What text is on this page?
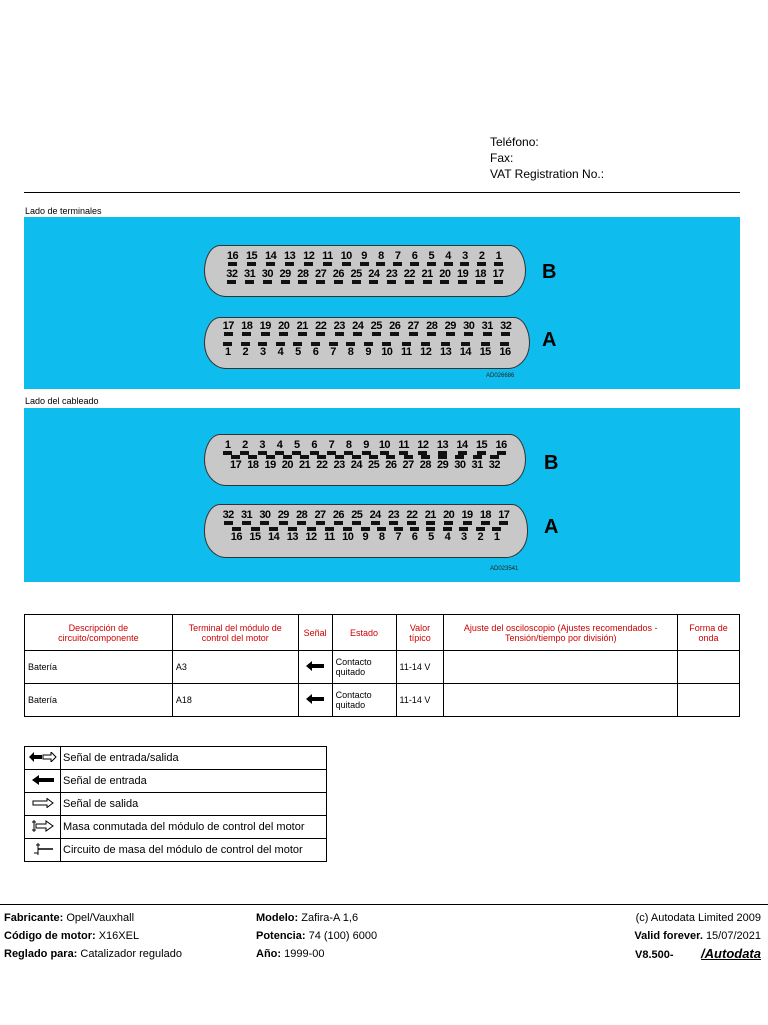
Teléfono:
Fax:
VAT Registration No.:
Lado de terminales
16 15 14 13 12 11 10 9 8 7 6 5 4 3 2 1
32 31 30 29 28 27 26 25 24 23 22 21 20 19 18 17 B
17 18 19 20 21 22 23 24 25 26 27 28 29 30 31 32
1 2 3 4 5 6 7 8 9 10 11 12 13 14 15 16
A
AD026686
Lado del cableado
1 2 3 4 5 6 7 8 9 10 11 12 13 14 15 16
17 18 19 20 21 22 23 24 25 26 27 28 29 30 31 32 B
32 31 30 29 28 27 26 25 24 23 22 21 20 19 18 17
16 15 14 13 12 11 10 9 8 7 6 5 4 3 2 1 A
AD023541
Descripción de circuito/componente	Terminal del módulo de control del motor	Señal	Estado	Valor típico	Ajuste del osciloscopio (Ajustes recomendados - Tensión/tiempo por división)	Forma de onda
Batería	A3		Contacto quitado	11-14 V		
Batería	A18		Contacto quitado	11-14 V		
	Señal de entrada/salida
	Señal de entrada
	Señal de salida
	Masa conmutada del módulo de control del motor
	Circuito de masa del módulo de control del motor
Fabricante: Opel/Vauxhall
Código de motor: X16XEL
Reglado para: Catalizador regulado
Modelo: Zafira-A 1,6
Potencia: 74 (100) 6000
Año: 1999-00
(c) Autodata Limited 2009
Valid forever. 15/07/2021
V8.500- /Autodata
